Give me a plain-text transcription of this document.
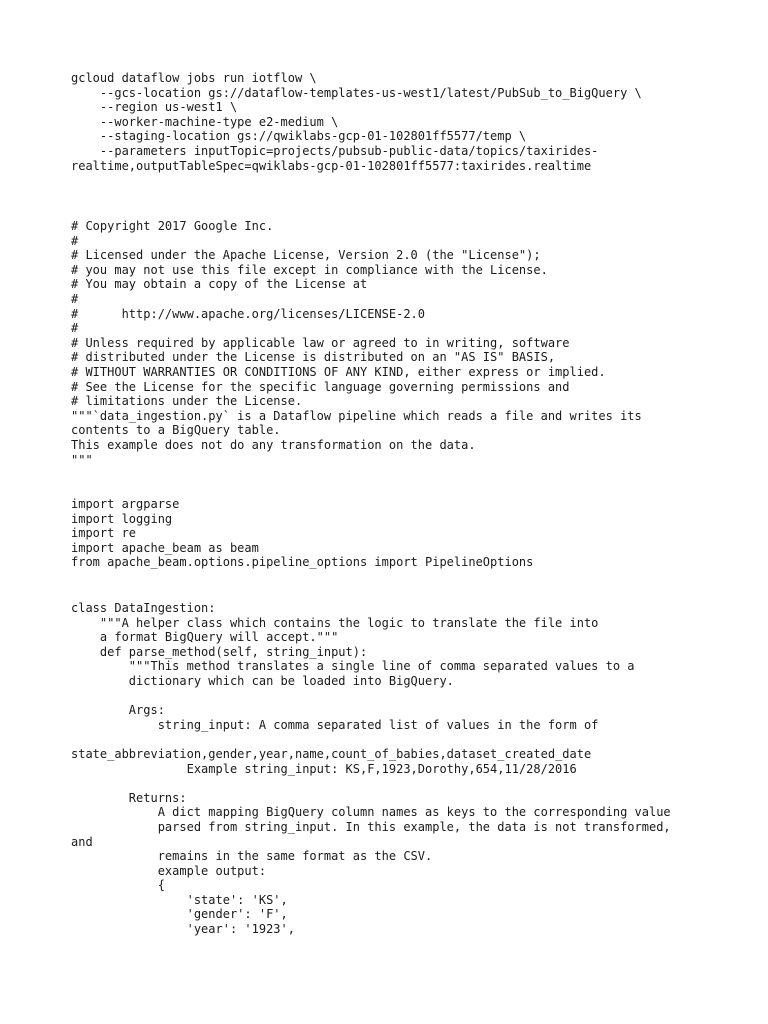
gcloud dataflow jobs run iotflow \
--gcs-location gs://dataflow-templates-us-west1/latest/PubSub_to_BigQuery \
--region us-west1 \
--worker-machine-type e2-medium \
--staging-location gs://qwiklabs-gcp-01-102801ff5577/temp \
--parameters inputTopic=projects/pubsub-public-data/topics/taxirides-
realtime,outputTableSpec=qwiklabs-gcp-01-102801ff5577:taxirides.realtime
# Copyright 2017 Google Inc.
#
# Licensed under the Apache License, Version 2.0 (the "License");
# you may not use this file except in compliance with the License.
# You may obtain a copy of the License at
#
#      http://www.apache.org/licenses/LICENSE-2.0
#
# Unless required by applicable law or agreed to in writing, software
# distributed under the License is distributed on an "AS IS" BASIS,
# WITHOUT WARRANTIES OR CONDITIONS OF ANY KIND, either express or implied.
# See the License for the specific language governing permissions and
# limitations under the License.
"""`data_ingestion.py` is a Dataflow pipeline which reads a file and writes its
contents to a BigQuery table.
This example does not do any transformation on the data.
"""
import argparse
import logging
import re
import apache_beam as beam
from apache_beam.options.pipeline_options import PipelineOptions
class DataIngestion:
"""A helper class which contains the logic to translate the file into
a format BigQuery will accept."""
def parse_method(self, string_input):
"""This method translates a single line of comma separated values to a
dictionary which can be loaded into BigQuery.

Args:
string_input: A comma separated list of values in the form of

state_abbreviation,gender,year,name,count_of_babies,dataset_created_date
Example string_input: KS,F,1923,Dorothy,654,11/28/2016

Returns:
A dict mapping BigQuery column names as keys to the corresponding value
parsed from string_input. In this example, the data is not transformed,
and
remains in the same format as the CSV.
example output:
{
'state': 'KS',
'gender': 'F',
'year': '1923',
